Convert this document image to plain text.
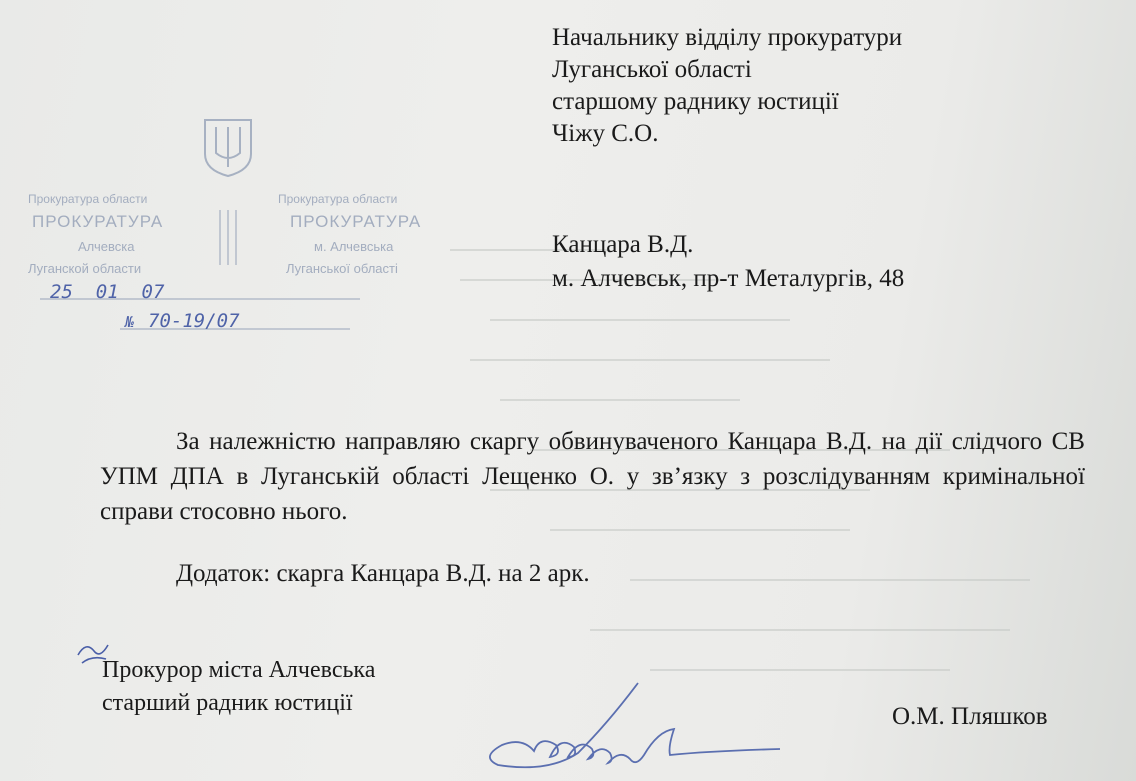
Начальнику відділу прокуратури
Луганської області
старшому раднику юстиції
Чіжу С.О.
Канцара В.Д.
м. Алчевськ, пр-т Металургів, 48
Прокуратура области
ПРОКУРАТУРА
Алчевска
Луганской области
Прокуратура области
ПРОКУРАТУРА
м. Алчевська
Луганської області
25  01  07
№ 70-19/07

За належністю направляю скаргу обвинуваченого Канцара В.Д. на дії слідчого СВ УПМ ДПА в Луганській області Лещенко О. у зв’язку з розслідуванням кримінальної справи стосовно нього.

Додаток: скарга Канцара В.Д. на 2 арк.
Прокурор міста Алчевська
старший радник юстиції	О.М. Пляшков
